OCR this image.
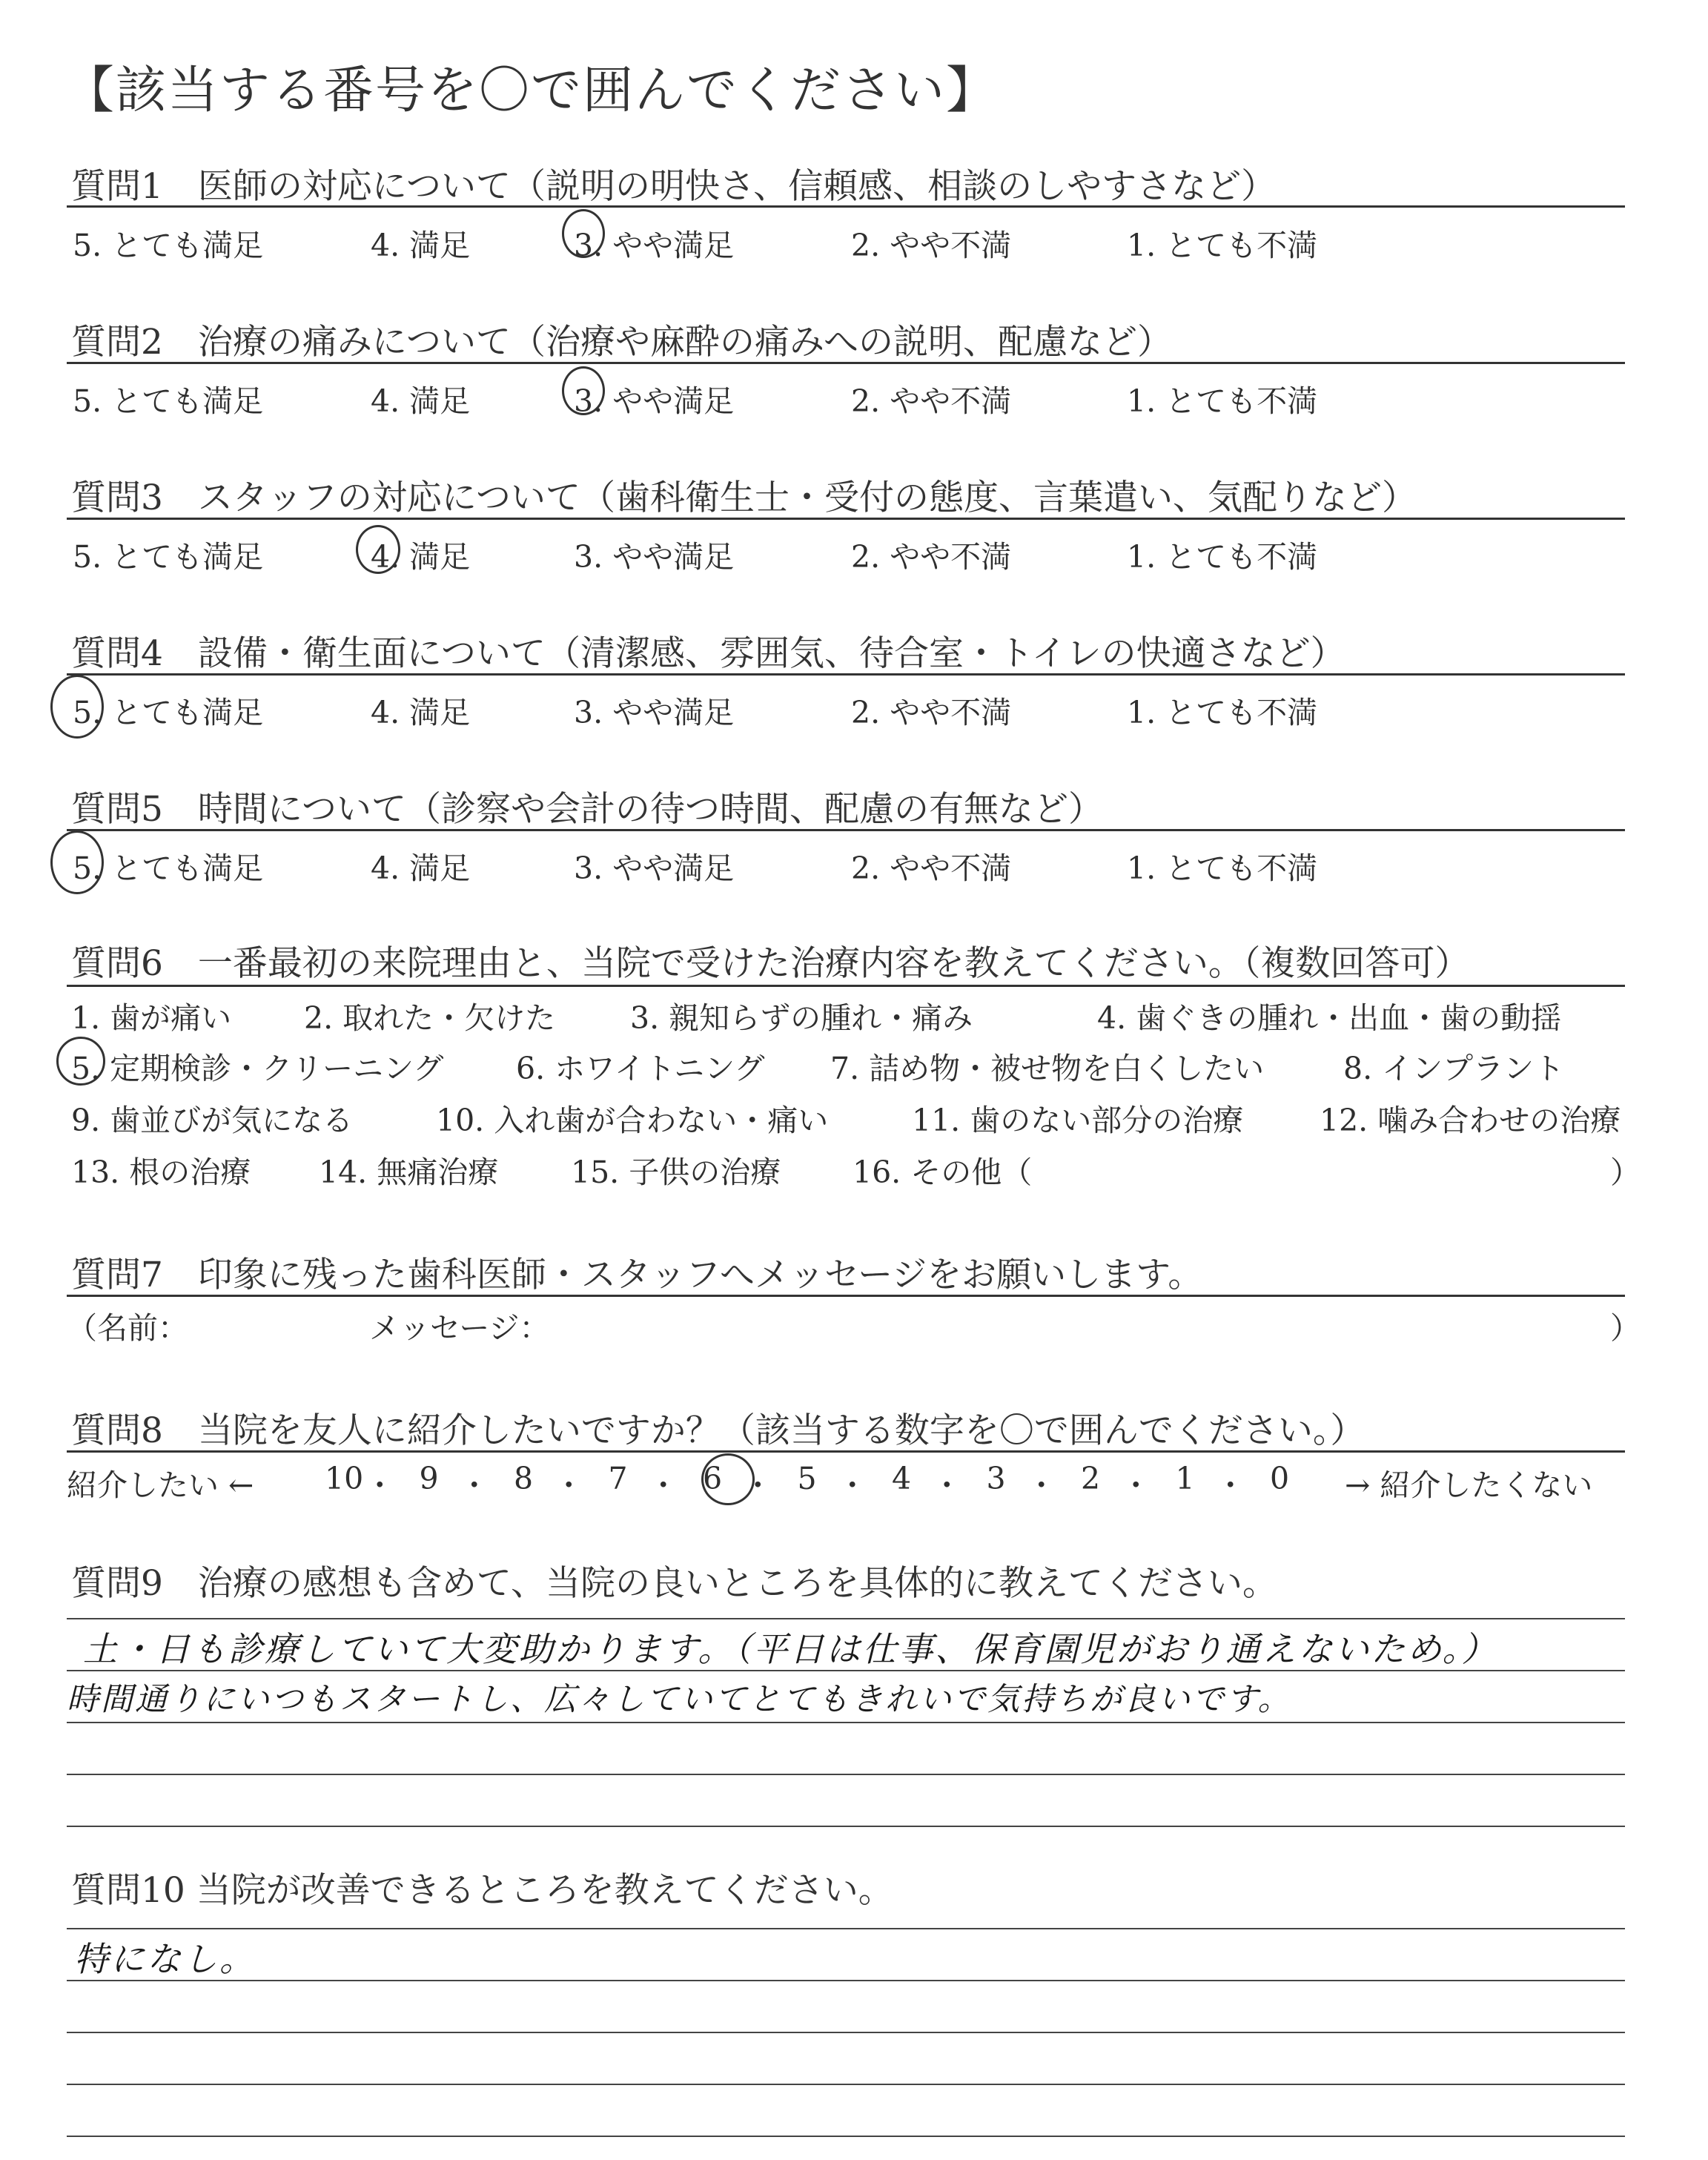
【該当する番号を〇で囲んでください】
質問1　医師の対応について（説明の明快さ、信頼感、相談のしやすさなど）
5. とても満足	4. 満足	3. やや満足	2. やや不満	1. とても不満
質問2　治療の痛みについて（治療や麻酔の痛みへの説明、配慮など）
5. とても満足	4. 満足	3. やや満足	2. やや不満	1. とても不満
質問3　スタッフの対応について（歯科衛生士・受付の態度、言葉遣い、気配りなど）
5. とても満足	4. 満足	3. やや満足	2. やや不満	1. とても不満
質問4　設備・衛生面について（清潔感、雰囲気、待合室・トイレの快適さなど）
5. とても満足	4. 満足	3. やや満足	2. やや不満	1. とても不満
質問5　時間について（診察や会計の待つ時間、配慮の有無など）
5. とても満足	4. 満足	3. やや満足	2. やや不満	1. とても不満
質問6　一番最初の来院理由と、当院で受けた治療内容を教えてください。（複数回答可）
1. 歯が痛い 2. 取れた・欠けた 3. 親知らずの腫れ・痛み	4. 歯ぐきの腫れ・出血・歯の動揺
5. 定期検診・クリーニング 6. ホワイトニング 7. 詰め物・被せ物を白くしたい	8. インプラント
9. 歯並びが気になる	10. 入れ歯が合わない・痛い	11. 歯のない部分の治療	12. 噛み合わせの治療
13. 根の治療 14. 無痛治療 15. 子供の治療 16. その他（	）
質問7　印象に残った歯科医師・スタッフへメッセージをお願いします。
（名前：	メッセージ：	）
質問8　当院を友人に紹介したいですか？（該当する数字を〇で囲んでください。）
紹介したい ←	→ 紹介したくない
質問9　治療の感想も含めて、当院の良いところを具体的に教えてください。
土・日も診療していて大変助かります。（平日は仕事、保育園児がおり通えないため。）
時間通りにいつもスタートし、広々していてとてもきれいで気持ちが良いです。
質問10 当院が改善できるところを教えてください。
特になし。
10 ・ 9 ・ 8 ・ 7 ・ 6 ・ 5 ・ 4 ・ 3 ・ 2 ・ 1 ・ 0
